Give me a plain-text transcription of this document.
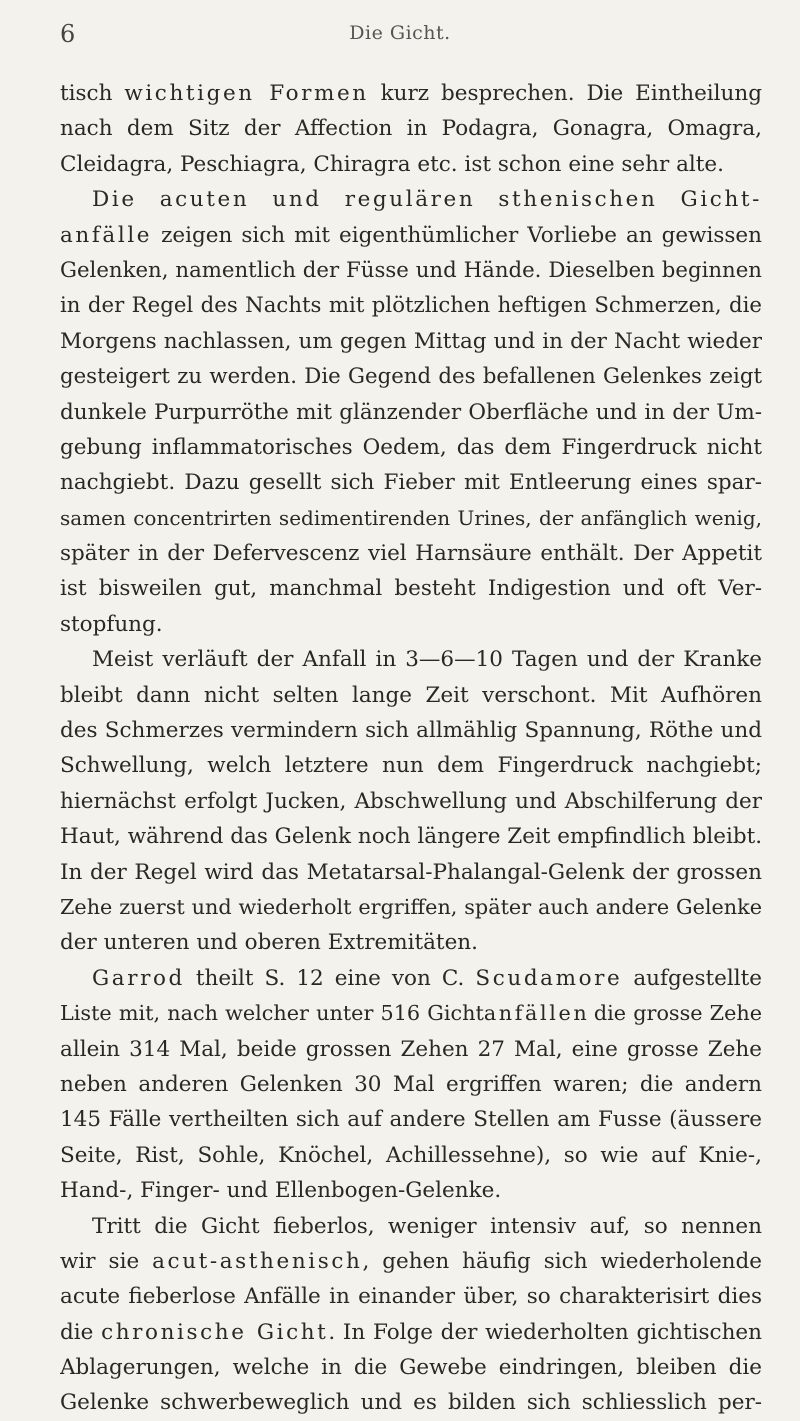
6	Die Gicht.
tisch wichtigen Formen kurz besprechen. Die Eintheilung
nach dem Sitz der Affection in Podagra, Gonagra, Omagra,
Cleidagra, Peschiagra, Chiragra etc. ist schon eine sehr alte.
Die acuten und regulären sthenischen Gicht-
anfälle zeigen sich mit eigenthümlicher Vorliebe an gewissen
Gelenken, namentlich der Füsse und Hände. Dieselben beginnen
in der Regel des Nachts mit plötzlichen heftigen Schmerzen, die
Morgens nachlassen, um gegen Mittag und in der Nacht wieder
gesteigert zu werden. Die Gegend des befallenen Gelenkes zeigt
dunkele Purpurröthe mit glänzender Oberfläche und in der Um-
gebung inflammatorisches Oedem, das dem Fingerdruck nicht
nachgiebt. Dazu gesellt sich Fieber mit Entleerung eines spar-
samen concentrirten sedimentirenden Urines, der anfänglich wenig,
später in der Defervescenz viel Harnsäure enthält. Der Appetit
ist bisweilen gut, manchmal besteht Indigestion und oft Ver-
stopfung.
Meist verläuft der Anfall in 3—6—10 Tagen und der Kranke
bleibt dann nicht selten lange Zeit verschont. Mit Aufhören
des Schmerzes vermindern sich allmählig Spannung, Röthe und
Schwellung, welch letztere nun dem Fingerdruck nachgiebt;
hiernächst erfolgt Jucken, Abschwellung und Abschilferung der
Haut, während das Gelenk noch längere Zeit empfindlich bleibt.
In der Regel wird das Metatarsal-Phalangal-Gelenk der grossen
Zehe zuerst und wiederholt ergriffen, später auch andere Gelenke
der unteren und oberen Extremitäten.
Garrod theilt S. 12 eine von C. Scudamore aufgestellte
Liste mit, nach welcher unter 516 Gichtanfällen die grosse Zehe
allein 314 Mal, beide grossen Zehen 27 Mal, eine grosse Zehe
neben anderen Gelenken 30 Mal ergriffen waren; die andern
145 Fälle vertheilten sich auf andere Stellen am Fusse (äussere
Seite, Rist, Sohle, Knöchel, Achillessehne), so wie auf Knie-,
Hand-, Finger- und Ellenbogen-Gelenke.
Tritt die Gicht fieberlos, weniger intensiv auf, so nennen
wir sie acut-asthenisch, gehen häufig sich wiederholende
acute fieberlose Anfälle in einander über, so charakterisirt dies
die chronische Gicht. In Folge der wiederholten gichtischen
Ablagerungen, welche in die Gewebe eindringen, bleiben die
Gelenke schwerbeweglich und es bilden sich schliesslich per-
